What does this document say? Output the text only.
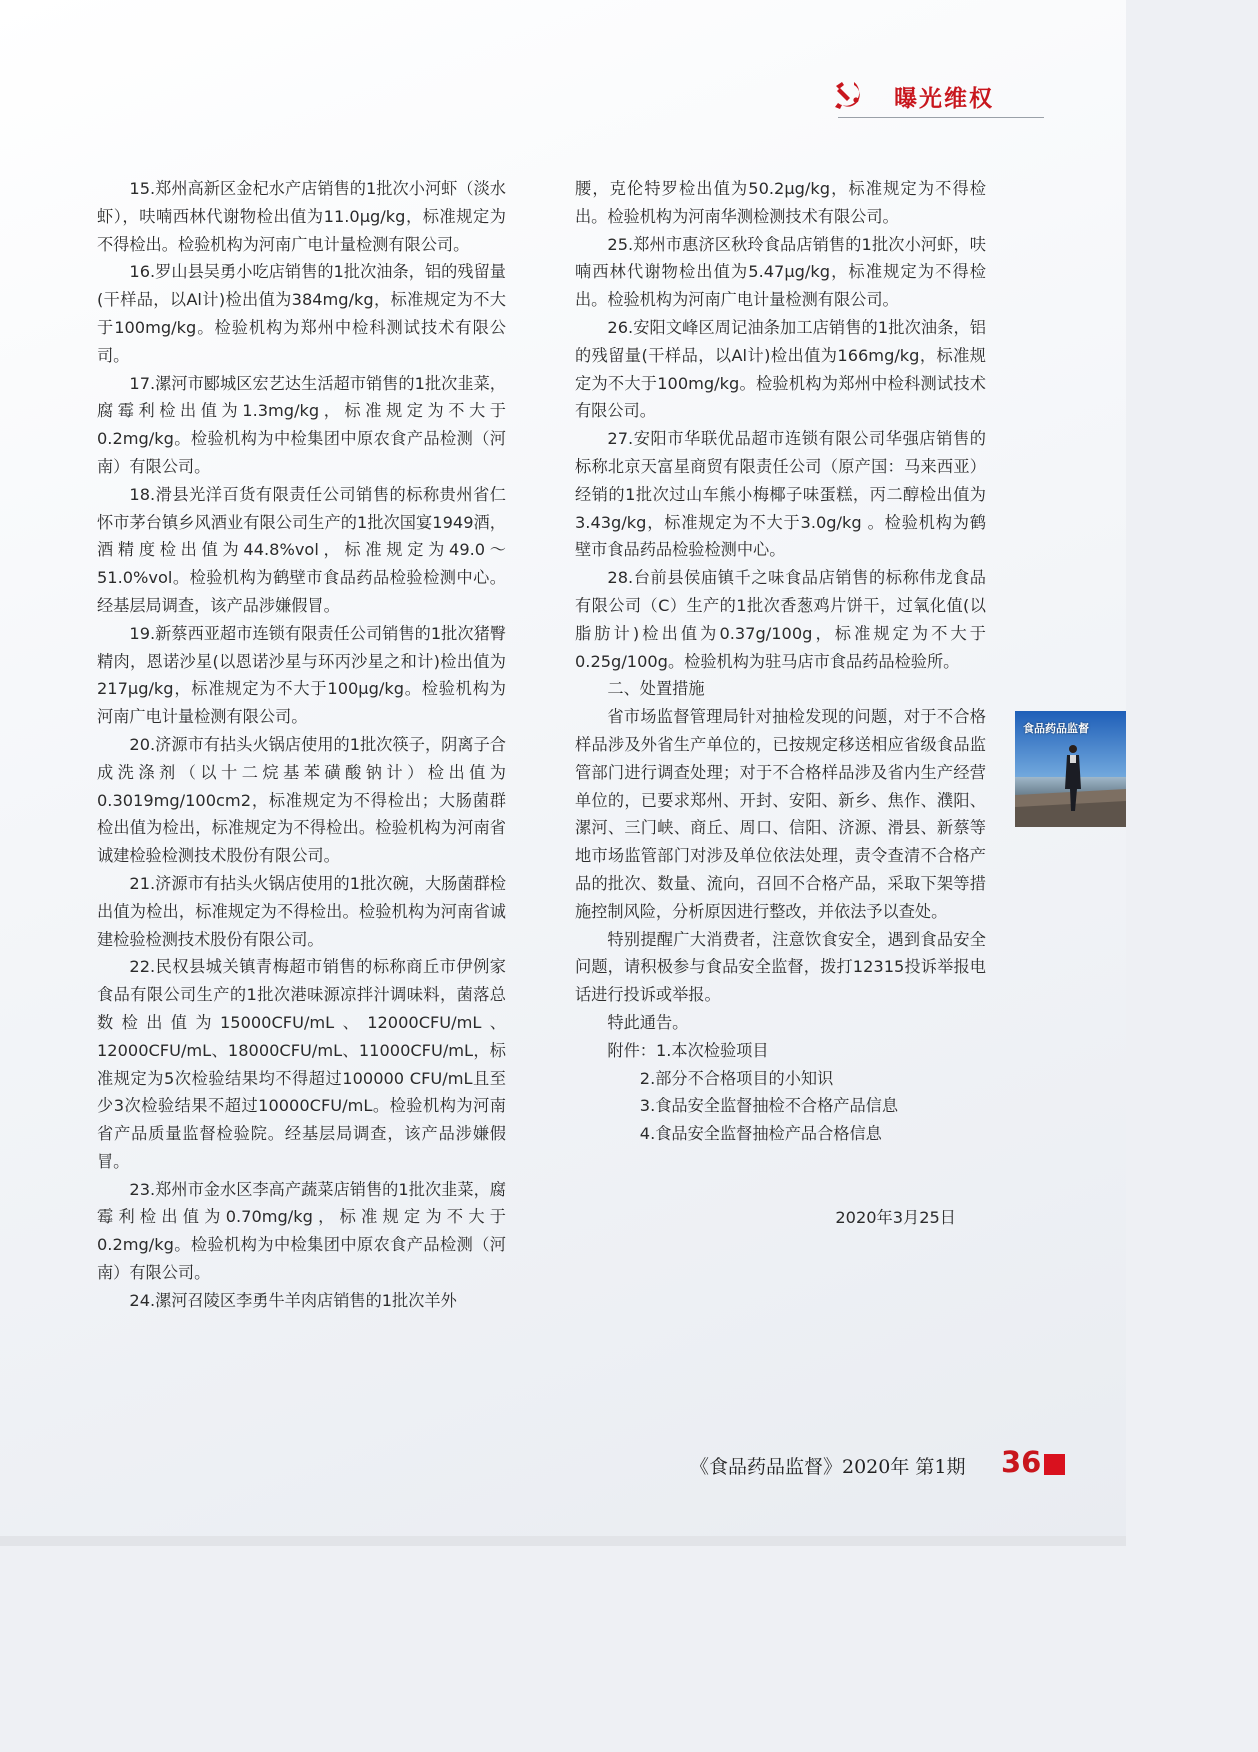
曝光维权

15.郑州高新区金杞水产店销售的1批次小河虾（淡水虾），呋喃西林代谢物检出值为11.0μg/kg，标准规定为不得检出。检验机构为河南广电计量检测有限公司。

16.罗山县吴勇小吃店销售的1批次油条，铝的残留量(干样品，以Al计)检出值为384mg/kg，标准规定为不大于100mg/kg。检验机构为郑州中检科测试技术有限公司。

17.漯河市郾城区宏艺达生活超市销售的1批次韭菜，腐霉利检出值为1.3mg/kg，标准规定为不大于0.2mg/kg。检验机构为中检集团中原农食产品检测（河南）有限公司。

18.滑县光洋百货有限责任公司销售的标称贵州省仁怀市茅台镇乡风酒业有限公司生产的1批次国宴1949酒，酒精度检出值为44.8%vol，标准规定为49.0～51.0%vol。检验机构为鹤壁市食品药品检验检测中心。经基层局调查，该产品涉嫌假冒。

19.新蔡西亚超市连锁有限责任公司销售的1批次猪臀精肉，恩诺沙星(以恩诺沙星与环丙沙星之和计)检出值为217μg/kg，标准规定为不大于100μg/kg。检验机构为河南广电计量检测有限公司。

20.济源市有拈头火锅店使用的1批次筷子，阴离子合成洗涤剂（以十二烷基苯磺酸钠计）检出值为0.3019mg/100cm2，标准规定为不得检出；大肠菌群检出值为检出，标准规定为不得检出。检验机构为河南省诚建检验检测技术股份有限公司。

21.济源市有拈头火锅店使用的1批次碗，大肠菌群检出值为检出，标准规定为不得检出。检验机构为河南省诚建检验检测技术股份有限公司。

22.民权县城关镇青梅超市销售的标称商丘市伊例家食品有限公司生产的1批次港味源凉拌汁调味料，菌落总数检出值为15000CFU/mL、12000CFU/mL、12000CFU/mL、18000CFU/mL、11000CFU/mL，标准规定为5次检验结果均不得超过100000 CFU/mL且至少3次检验结果不超过10000CFU/mL。检验机构为河南省产品质量监督检验院。经基层局调查，该产品涉嫌假冒。

23.郑州市金水区李高产蔬菜店销售的1批次韭菜，腐霉利检出值为0.70mg/kg，标准规定为不大于0.2mg/kg。检验机构为中检集团中原农食产品检测（河南）有限公司。

24.漯河召陵区李勇牛羊肉店销售的1批次羊外

腰，克伦特罗检出值为50.2μg/kg，标准规定为不得检出。检验机构为河南华测检测技术有限公司。

25.郑州市惠济区秋玲食品店销售的1批次小河虾，呋喃西林代谢物检出值为5.47μg/kg，标准规定为不得检出。检验机构为河南广电计量检测有限公司。

26.安阳文峰区周记油条加工店销售的1批次油条，铝的残留量(干样品，以Al计)检出值为166mg/kg，标准规定为不大于100mg/kg。检验机构为郑州中检科测试技术有限公司。

27.安阳市华联优品超市连锁有限公司华强店销售的标称北京天富星商贸有限责任公司（原产国：马来西亚）经销的1批次过山车熊小梅椰子味蛋糕，丙二醇检出值为3.43g/kg，标准规定为不大于3.0g/kg 。检验机构为鹤壁市食品药品检验检测中心。

28.台前县侯庙镇千之味食品店销售的标称伟龙食品有限公司（C）生产的1批次香葱鸡片饼干，过氧化值(以脂肪计)检出值为0.37g/100g，标准规定为不大于0.25g/100g。检验机构为驻马店市食品药品检验所。

二、处置措施

省市场监督管理局针对抽检发现的问题，对于不合格样品涉及外省生产单位的，已按规定移送相应省级食品监管部门进行调查处理；对于不合格样品涉及省内生产经营单位的，已要求郑州、开封、安阳、新乡、焦作、濮阳、漯河、三门峡、商丘、周口、信阳、济源、滑县、新蔡等地市场监管部门对涉及单位依法处理，责令查清不合格产品的批次、数量、流向，召回不合格产品，采取下架等措施控制风险，分析原因进行整改，并依法予以查处。

特别提醒广大消费者，注意饮食安全，遇到食品安全问题，请积极参与食品安全监督，拨打12315投诉举报电话进行投诉或举报。

特此通告。

附件：1.本次检验项目

2.部分不合格项目的小知识

3.食品安全监督抽检不合格产品信息

4.食品安全监督抽检产品合格信息

2020年3月25日

食品药品监督
《食品药品监督》2020年 第1期 36
